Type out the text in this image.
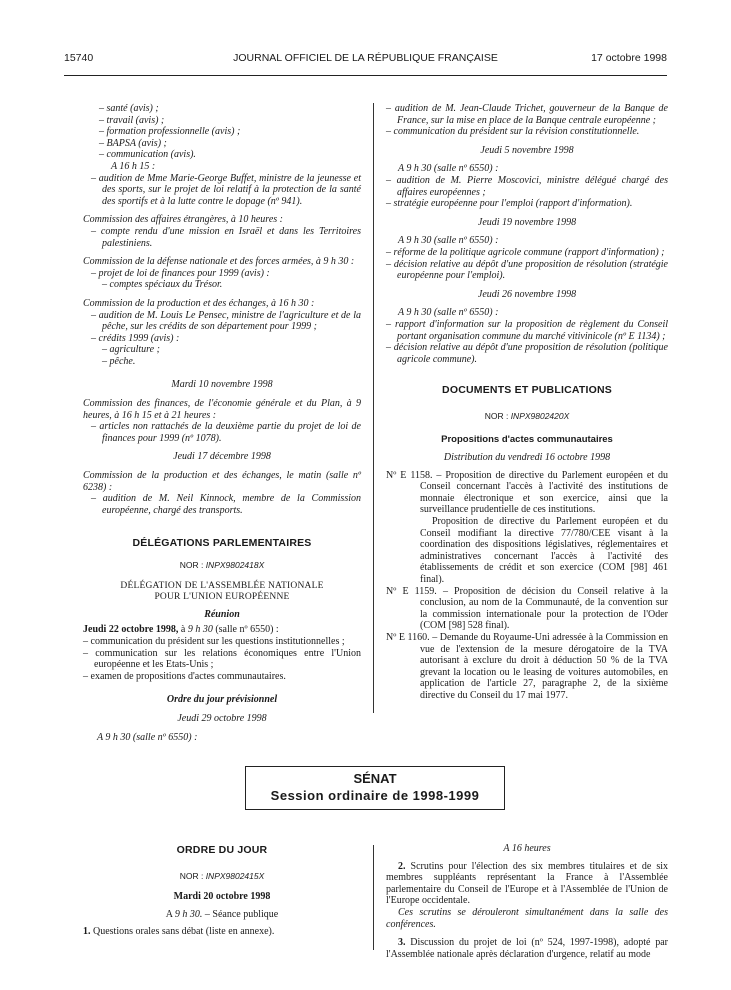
15740	JOURNAL OFFICIEL DE LA RÉPUBLIQUE FRANÇAISE	17 octobre 1998
– santé (avis) ;
– travail (avis) ;
– formation professionnelle (avis) ;
– BAPSA (avis) ;
– communication (avis).
A 16 h 15 :
– audition de Mme Marie-George Buffet, ministre de la jeunesse et des sports, sur le projet de loi relatif à la protection de la santé des sportifs et à la lutte contre le dopage (nº 941).
Commission des affaires étrangères, à 10 heures :
– compte rendu d'une mission en Israël et dans les Territoires palestiniens.
Commission de la défense nationale et des forces armées, à 9 h 30 :
– projet de loi de finances pour 1999 (avis) :
– comptes spéciaux du Trésor.
Commission de la production et des échanges, à 16 h 30 :
– audition de M. Louis Le Pensec, ministre de l'agriculture et de la pêche, sur les crédits de son département pour 1999 ;
– crédits 1999 (avis) :
– agriculture ;
– pêche.
Mardi 10 novembre 1998
Commission des finances, de l'économie générale et du Plan, à 9 heures, à 16 h 15 et à 21 heures :
– articles non rattachés de la deuxième partie du projet de loi de finances pour 1999 (nº 1078).
Jeudi 17 décembre 1998
Commission de la production et des échanges, le matin (salle nº 6238) :
– audition de M. Neil Kinnock, membre de la Commission européenne, chargé des transports.
DÉLÉGATIONS PARLEMENTAIRES
NOR : INPX9802418X
DÉLÉGATION DE L'ASSEMBLÉE NATIONALE
POUR L'UNION EUROPÉENNE
Réunion
Jeudi 22 octobre 1998, à 9 h 30 (salle nº 6550) :
– communication du président sur les questions institutionnelles ;
– communication sur les relations économiques entre l'Union européenne et les Etats-Unis ;
– examen de propositions d'actes communautaires.
Ordre du jour prévisionnel
Jeudi 29 octobre 1998
A 9 h 30 (salle nº 6550) :
– audition de M. Jean-Claude Trichet, gouverneur de la Banque de France, sur la mise en place de la Banque centrale européenne ;
– communication du président sur la révision constitutionnelle.
Jeudi 5 novembre 1998
A 9 h 30 (salle nº 6550) :
– audition de M. Pierre Moscovici, ministre délégué chargé des affaires européennes ;
– stratégie européenne pour l'emploi (rapport d'information).
Jeudi 19 novembre 1998
A 9 h 30 (salle nº 6550) :
– réforme de la politique agricole commune (rapport d'information) ;
– décision relative au dépôt d'une proposition de résolution (stratégie européenne pour l'emploi).
Jeudi 26 novembre 1998
A 9 h 30 (salle nº 6550) :
– rapport d'information sur la proposition de règlement du Conseil portant organisation commune du marché vitivinicole (nº E 1134) ;
– décision relative au dépôt d'une proposition de résolution (politique agricole commune).
DOCUMENTS ET PUBLICATIONS
NOR : INPX9802420X
Propositions d'actes communautaires
Distribution du vendredi 16 octobre 1998
Nº E 1158. – Proposition de directive du Parlement européen et du Conseil concernant l'accès à l'activité des institutions de monnaie électronique et son exercice, ainsi que la surveillance prudentielle de ces institutions.
Proposition de directive du Parlement européen et du Conseil modifiant la directive 77/780/CEE visant à la coordination des dispositions législatives, réglementaires et administratives concernant l'accès à l'activité des établissements de crédit et son exercice (COM [98] 461 final).
Nº E 1159. – Proposition de décision du Conseil relative à la conclusion, au nom de la Communauté, de la convention sur la commission internationale pour la protection de l'Oder (COM [98] 528 final).
Nº E 1160. – Demande du Royaume-Uni adressée à la Commission en vue de l'extension de la mesure dérogatoire de la TVA autorisant à exclure du droit à déduction 50 % de la TVA grevant la location ou le leasing de voitures automobiles, en application de l'article 27, paragraphe 2, de la sixième directive du Conseil du 17 mai 1977.
SÉNAT
Session ordinaire de 1998-1999
ORDRE DU JOUR
NOR : INPX9802415X
Mardi 20 octobre 1998
A 9 h 30. – Séance publique
1. Questions orales sans débat (liste en annexe).
A 16 heures
2. Scrutins pour l'élection des six membres titulaires et de six membres suppléants représentant la France à l'Assemblée parlementaire du Conseil de l'Europe et à l'Assemblée de l'Union de l'Europe occidentale.
Ces scrutins se dérouleront simultanément dans la salle des conférences.
3. Discussion du projet de loi (nº 524, 1997-1998), adopté par l'Assemblée nationale après déclaration d'urgence, relatif au mode
